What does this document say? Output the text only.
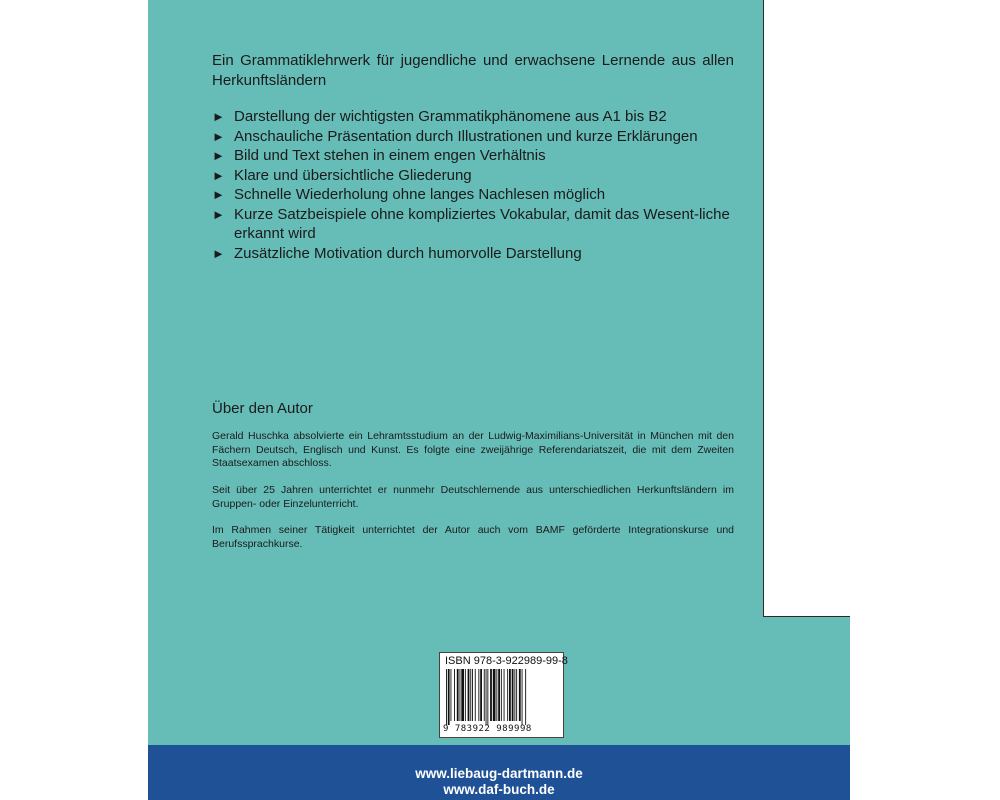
Ein Grammatiklehrwerk für jugendliche und erwachsene Lernende aus allen Herkunftsländern

► Darstellung der wichtigsten Grammatikphänomene aus A1 bis B2
► Anschauliche Präsentation durch Illustrationen und kurze Erklärungen
► Bild und Text stehen in einem engen Verhältnis
► Klare und übersichtliche Gliederung
► Schnelle Wiederholung ohne langes Nachlesen möglich
► Kurze Satzbeispiele ohne kompliziertes Vokabular, damit das Wesent-liche erkannt wird
► Zusätzliche Motivation durch humorvolle Darstellung
Über den Autor

Gerald Huschka absolvierte ein Lehramtsstudium an der Ludwig-Maximilians-Universität in München mit den Fächern Deutsch, Englisch und Kunst. Es folgte eine zweijährige Referendariatszeit, die mit dem Zweiten Staatsexamen abschloss.

Seit über 25 Jahren unterrichtet er nunmehr Deutschlernende aus unterschiedlichen Herkunftsländern im Gruppen- oder Einzelunterricht.

Im Rahmen seiner Tätigkeit unterrichtet der Autor auch vom BAMF geförderte Integrationskurse und Berufssprachkurse.

ISBN 978-3-922989-99-8
9 783922 989998
www.liebaug-dartmann.de
www.daf-buch.de
